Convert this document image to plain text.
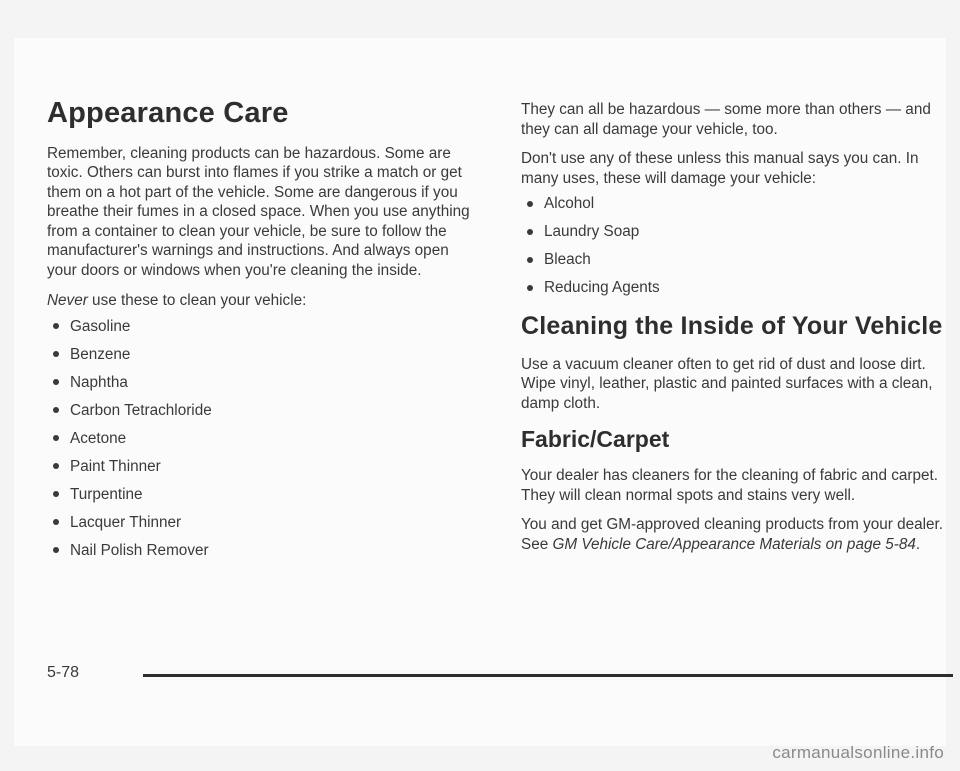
Appearance Care

Remember, cleaning products can be hazardous. Some are toxic. Others can burst into flames if you strike a match or get them on a hot part of the vehicle. Some are dangerous if you breathe their fumes in a closed space. When you use anything from a container to clean your vehicle, be sure to follow the manufacturer's warnings and instructions. And always open your doors or windows when you're cleaning the inside.

Never use these to clean your vehicle:

Gasoline
Benzene
Naphtha
Carbon Tetrachloride
Acetone
Paint Thinner
Turpentine
Lacquer Thinner
Nail Polish Remover

They can all be hazardous — some more than others — and they can all damage your vehicle, too.

Don't use any of these unless this manual says you can. In many uses, these will damage your vehicle:

Alcohol
Laundry Soap
Bleach
Reducing Agents
Cleaning the Inside of Your Vehicle

Use a vacuum cleaner often to get rid of dust and loose dirt. Wipe vinyl, leather, plastic and painted surfaces with a clean, damp cloth.

Fabric/Carpet

Your dealer has cleaners for the cleaning of fabric and carpet. They will clean normal spots and stains very well.

You and get GM-approved cleaning products from your dealer. See GM Vehicle Care/Appearance Materials on page 5-84.

5-78
carmanualsonline.info
